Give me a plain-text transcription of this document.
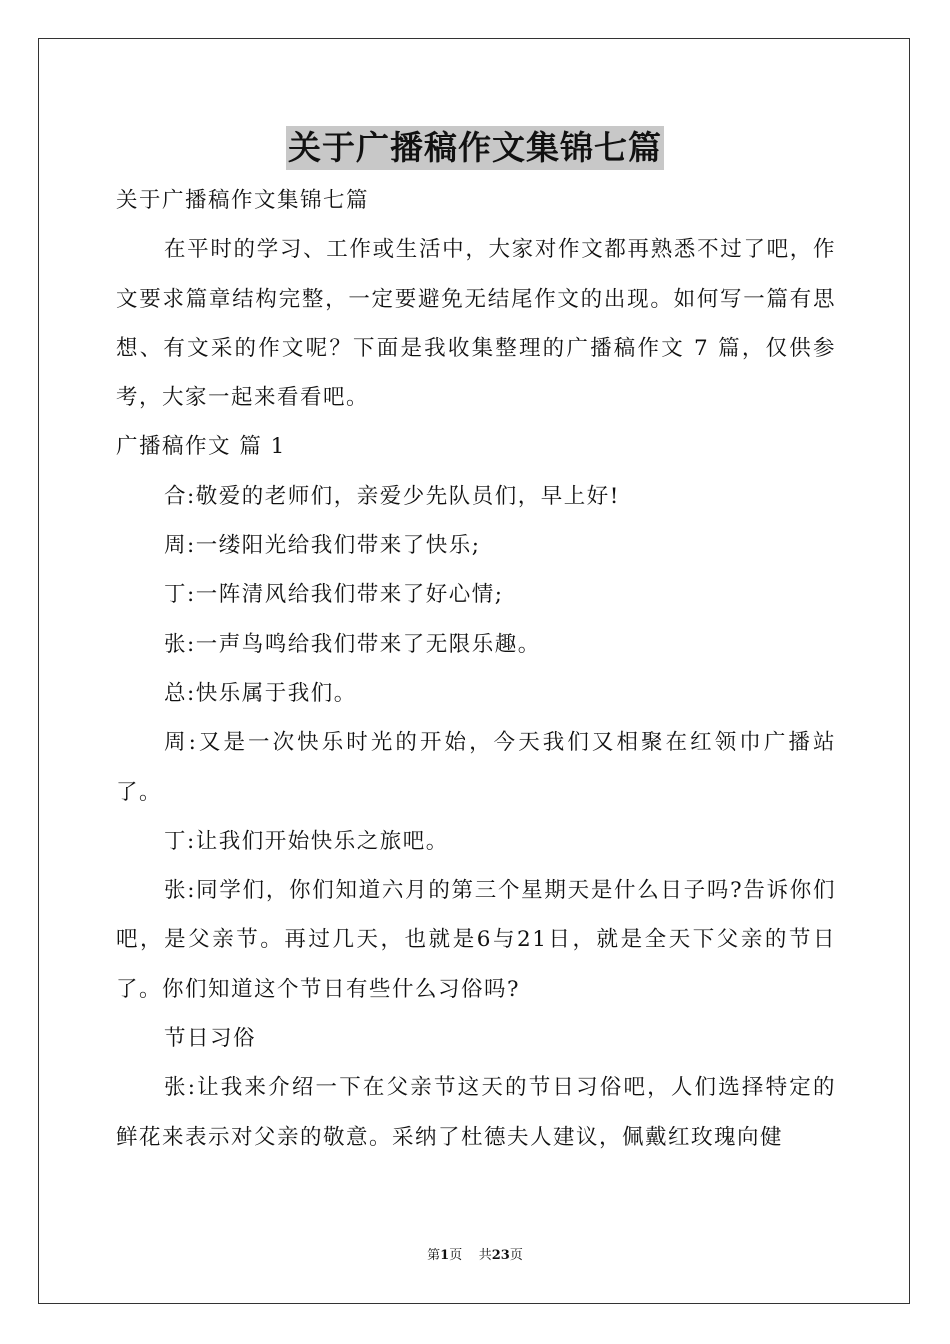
关于广播稿作文集锦七篇

关于广播稿作文集锦七篇

在平时的学习、工作或生活中，大家对作文都再熟悉不过了吧，作文要求篇章结构完整，一定要避免无结尾作文的出现。如何写一篇有思想、有文采的作文呢？下面是我收集整理的广播稿作文 7 篇，仅供参考，大家一起来看看吧。

广播稿作文 篇 1

合:敬爱的老师们，亲爱少先队员们，早上好!

周:一缕阳光给我们带来了快乐;

丁:一阵清风给我们带来了好心情;

张:一声鸟鸣给我们带来了无限乐趣。

总:快乐属于我们。

周:又是一次快乐时光的开始，今天我们又相聚在红领巾广播站了。

丁:让我们开始快乐之旅吧。

张:同学们，你们知道六月的第三个星期天是什么日子吗?告诉你们吧，是父亲节。再过几天，也就是6与21日，就是全天下父亲的节日了。你们知道这个节日有些什么习俗吗?

节日习俗

张:让我来介绍一下在父亲节这天的节日习俗吧，人们选择特定的鲜花来表示对父亲的敬意。采纳了杜德夫人建议，佩戴红玫瑰向健

第1页    共23页
